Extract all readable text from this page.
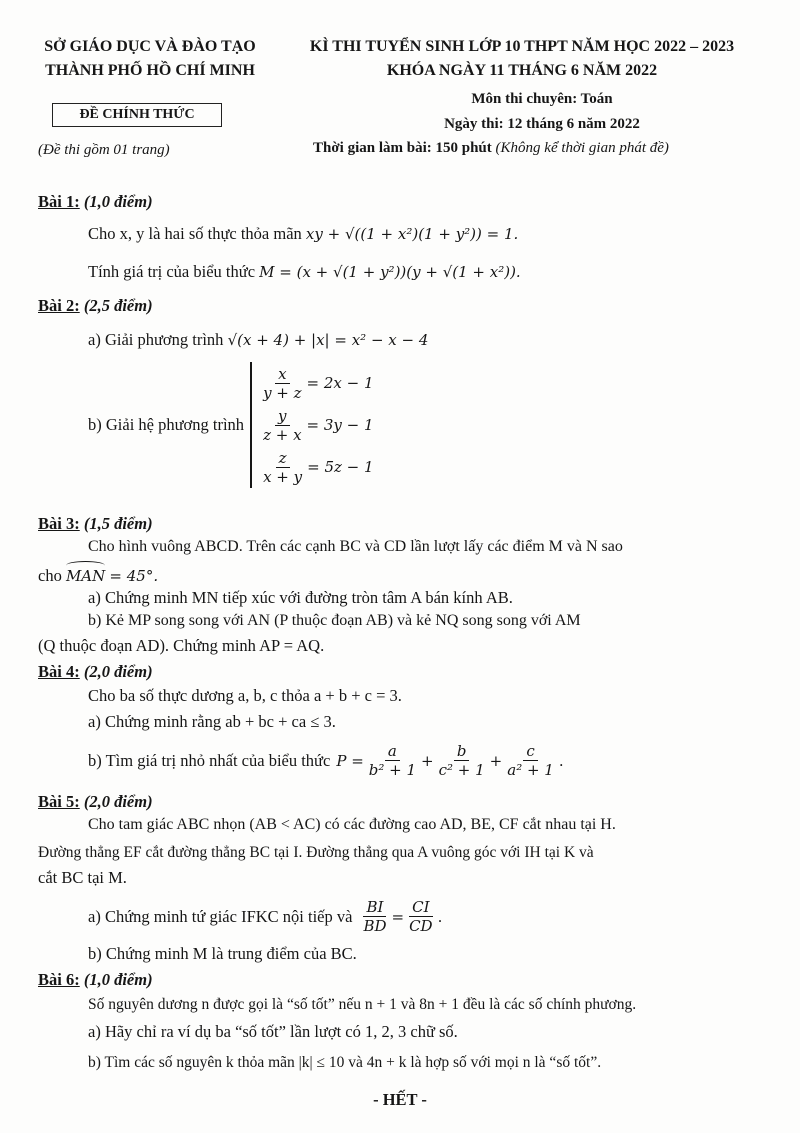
SỞ GIÁO DỤC VÀ ĐÀO TẠO
THÀNH PHỐ HỒ CHÍ MINH
ĐỀ CHÍNH THỨC
(Đề thi gồm 01 trang)
KÌ THI TUYỂN SINH LỚP 10 THPT NĂM HỌC 2022 – 2023
KHÓA NGÀY 11 THÁNG 6 NĂM 2022
Môn thi chuyên: Toán
Ngày thi: 12 tháng 6 năm 2022
Thời gian làm bài: 150 phút (Không kể thời gian phát đề)
Bài 1: (1,0 điểm)
Cho x, y là hai số thực thỏa mãn xy + √((1 + x²)(1 + y²)) = 1.
Tính giá trị của biểu thức M = (x + √(1 + y²))(y + √(1 + x²)).
Bài 2: (2,5 điểm)
a) Giải phương trình √(x + 4) + |x| = x² − x − 4
b) Giải hệ phương trình
$\frac{x}{y + z} = 2x - 1$
$\frac{y}{z + x} = 3y - 1$
$\frac{z}{x + y} = 5z - 1$
Bài 3: (1,5 điểm)
Cho hình vuông ABCD. Trên các cạnh BC và CD lần lượt lấy các điểm M và N sao
cho MAN = 45°.
a) Chứng minh MN tiếp xúc với đường tròn tâm A bán kính AB.
b) Kẻ MP song song với AN (P thuộc đoạn AB) và kẻ NQ song song với AM
(Q thuộc đoạn AD). Chứng minh AP = AQ.
Bài 4: (2,0 điểm)
Cho ba số thực dương a, b, c thỏa a + b + c = 3.
a) Chứng minh rằng ab + bc + ca ≤ 3.
b) Tìm giá trị nhỏ nhất của biểu thức $P = \frac{a}{\text{b² + 1}} + \frac{b}{\text{c² + 1}} + \frac{c}{\text{a² + 1}}$ .
Bài 5: (2,0 điểm)
Cho tam giác ABC nhọn (AB < AC) có các đường cao AD, BE, CF cắt nhau tại H.
Đường thẳng EF cắt đường thẳng BC tại I. Đường thẳng qua A vuông góc với IH tại K và
cắt BC tại M.
a) Chứng minh tứ giác IFKC nội tiếp và $\frac{BI}{BD} = \frac{CI}{CD}$ .
b) Chứng minh M là trung điểm của BC.
Bài 6: (1,0 điểm)
Số nguyên dương n được gọi là “số tốt” nếu n + 1 và 8n + 1 đều là các số chính phương.
a) Hãy chỉ ra ví dụ ba “số tốt” lần lượt có 1, 2, 3 chữ số.
b) Tìm các số nguyên k thỏa mãn |k| ≤ 10 và 4n + k là hợp số với mọi n là “số tốt”.
- HẾT -
